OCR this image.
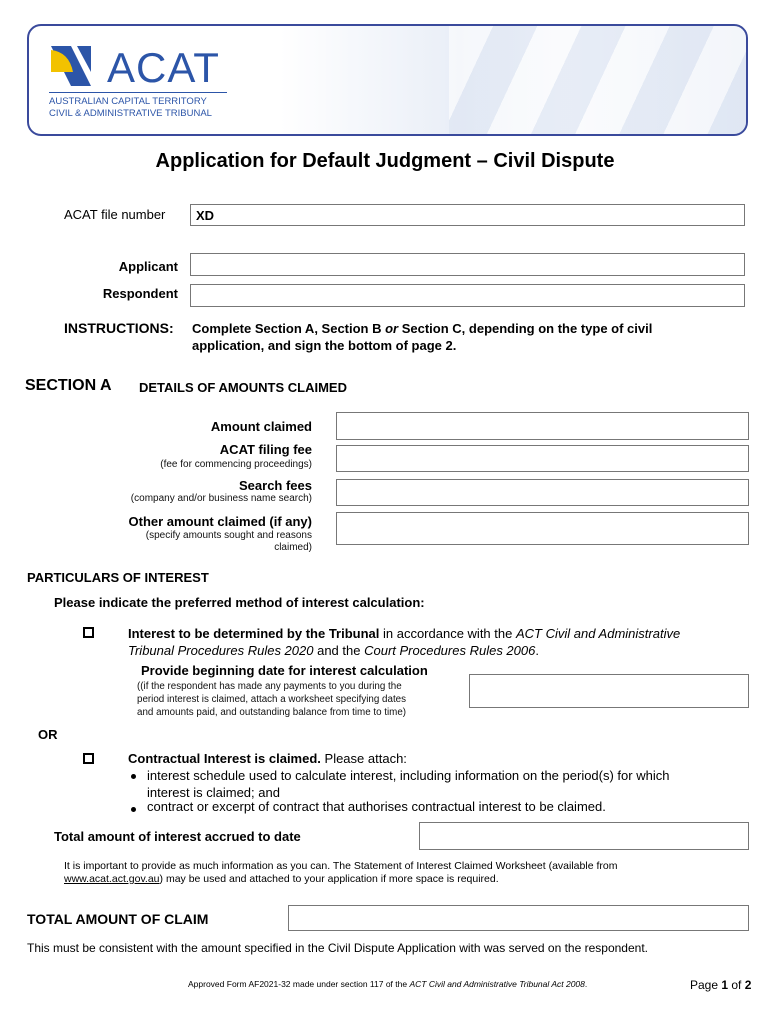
ACAT
AUSTRALIAN CAPITAL TERRITORY
CIVIL & ADMINISTRATIVE TRIBUNAL
Application for Default Judgment – Civil Dispute
ACAT file number XD
Applicant
Respondent
INSTRUCTIONS: Complete Section A, Section B or Section C, depending on the type of civil
application, and sign the bottom of page 2.
SECTION A DETAILS OF AMOUNTS CLAIMED
Amount claimed
ACAT filing fee
(fee for commencing proceedings)
Search fees
(company and/or business name search)
Other amount claimed (if any)
(specify amounts sought and reasons
claimed)
PARTICULARS OF INTEREST
Please indicate the preferred method of interest calculation:
Interest to be determined by the Tribunal in accordance with the ACT Civil and Administrative
Tribunal Procedures Rules 2020 and the Court Procedures Rules 2006.
Provide beginning date for interest calculation
((if the respondent has made any payments to you during the
period interest is claimed, attach a worksheet specifying dates
and amounts paid, and outstanding balance from time to time)
OR
Contractual Interest is claimed. Please attach:
interest schedule used to calculate interest, including information on the period(s) for which
interest is claimed; and
contract or excerpt of contract that authorises contractual interest to be claimed.
Total amount of interest accrued to date
It is important to provide as much information as you can. The Statement of Interest Claimed Worksheet (available from
www.acat.act.gov.au) may be used and attached to your application if more space is required.
TOTAL AMOUNT OF CLAIM
This must be consistent with the amount specified in the Civil Dispute Application with was served on the respondent.
Approved Form AF2021-32 made under section 117 of the ACT Civil and Administrative Tribunal Act 2008.	Page 1 of 2
